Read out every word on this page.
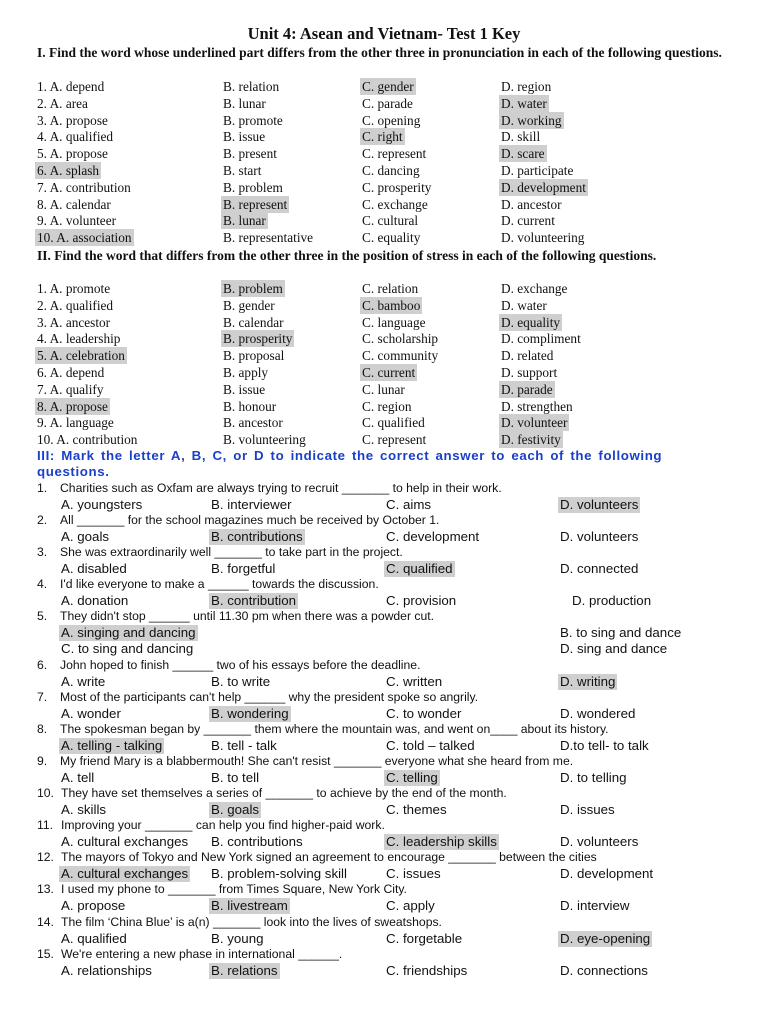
Unit 4: Asean and Vietnam- Test 1 Key
I. Find the word whose underlined part differs from the other three in pronunciation in each of the following questions.
1. A. depend	B. relation	C. gender	D. region
2. A. area	B. lunar	C. parade	D. water
3. A. propose	B. promote	C. opening	D. working
4. A. qualified	B. issue	C. right	D. skill
5. A. propose	B. present	C. represent	D. scare
6. A. splash	B. start	C. dancing	D. participate
7. A. contribution	B. problem	C. prosperity	D. development
8. A. calendar	B. represent	C. exchange	D. ancestor
9. A. volunteer	B. lunar	C. cultural	D. current
10. A. association	B. representative	C. equality	D. volunteering
II. Find the word that differs from the other three in the position of stress in each of the following questions.
1. A. promote	B. problem	C. relation	D. exchange
2. A. qualified	B. gender	C. bamboo	D. water
3. A. ancestor	B. calendar	C. language	D. equality
4. A. leadership	B. prosperity	C. scholarship	D. compliment
5. A. celebration	B. proposal	C. community	D. related
6. A. depend	B. apply	C. current	D. support
7. A. qualify	B. issue	C. lunar	D. parade
8. A. propose	B. honour	C. region	D. strengthen
9. A. language	B. ancestor	C. qualified	D. volunteer
10. A. contribution	B. volunteering	C. represent	D. festivity
III: Mark the letter A, B, C, or D to indicate the correct answer to each of the following questions.
1. Charities such as Oxfam are always trying to recruit _______ to help in their work.
A. youngsters	B. interviewer	C. aims	D. volunteers
2. All _______ for the school magazines much be received by October 1.
A. goals	B. contributions	C. development	D. volunteers
3. She was extraordinarily well _______ to take part in the project.
A. disabled	B. forgetful	C. qualified	D. connected
4. I'd like everyone to make a ______ towards the discussion.
A. donation	B. contribution	C. provision	D. production
5. They didn't stop ______ until 11.30 pm when there was a powder cut.
A. singing and dancing	B. to sing and dance
C. to sing and dancing	D. sing and dance
6. John hoped to finish ______ two of his essays before the deadline.
A. write	B. to write	C. written	D. writing
7. Most of the participants can't help ______ why the president spoke so angrily.
A. wonder	B. wondering	C. to wonder	D. wondered
8. The spokesman began by _______ them where the mountain was, and went on____ about its history.
A. telling - talking	B. tell - talk	C. told – talked	D.to tell- to talk
9. My friend Mary is a blabbermouth! She can't resist _______ everyone what she heard from me.
A. tell	B. to tell	C. telling	D. to telling
10. They have set themselves a series of _______ to achieve by the end of the month.
A. skills	B. goals	C. themes	D. issues
11. Improving your _______ can help you find higher-paid work.
A. cultural exchanges B. contributions	C. leadership skills	D. volunteers
12. The mayors of Tokyo and New York signed an agreement to encourage _______ between the cities
A. cultural exchanges B. problem-solving skill	C. issues	D. development
13. I used my phone to _______ from Times Square, New York City.
A. propose	B. livestream	C. apply	D. interview
14. The film ‘China Blue’ is a(n) _______ look into the lives of sweatshops.
A. qualified	B. young	C. forgetable	D. eye-opening
15. We're entering a new phase in international ______.
A. relationships	B. relations	C. friendships	D. connections
